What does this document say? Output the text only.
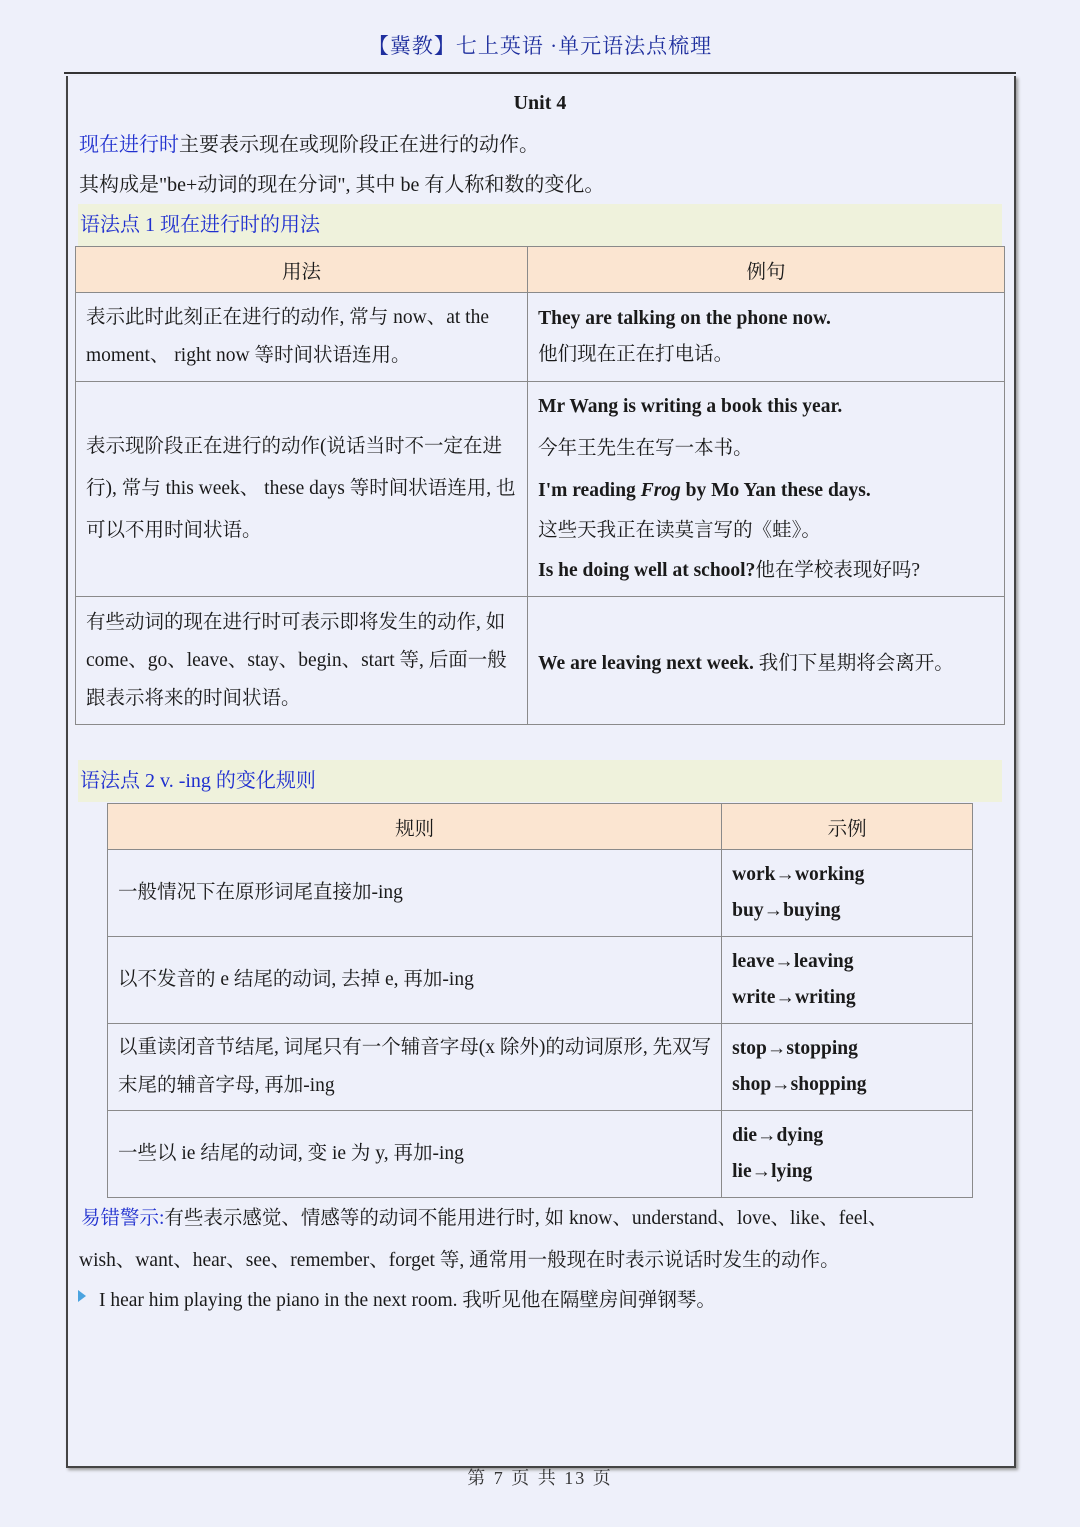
【冀教】七上英语 ·单元语法点梳理
Unit 4
现在进行时主要表示现在或现阶段正在进行的动作。
其构成是"be+动词的现在分词", 其中 be 有人称和数的变化。
语法点 1 现在进行时的用法
用法	例句
表示此时此刻正在进行的动作, 常与 now、at the moment、 right now 等时间状语连用。	They are talking on the phone now.
他们现在正在打电话。

表示现阶段正在进行的动作(说话当时不一定在进行), 常与 this week、 these days 等时间状语连用, 也可以不用时间状语。	Mr Wang is writing a book this year.
今年王先生在写一本书。
I'm reading Frog by Mo Yan these days.
这些天我正在读莫言写的《蛙》。
Is he doing well at school?他在学校表现好吗?

有些动词的现在进行时可表示即将发生的动作, 如 come、go、leave、stay、begin、start 等, 后面一般跟表示将来的时间状语。	We are leaving next week. 我们下星期将会离开。
语法点 2 v. -ing 的变化规则
规则	示例
一般情况下在原形词尾直接加-ing	work→working
buy→buying

以不发音的 e 结尾的动词, 去掉 e, 再加-ing	leave→leaving
write→writing

以重读闭音节结尾, 词尾只有一个辅音字母(x 除外)的动词原形, 先双写末尾的辅音字母, 再加-ing	stop→stopping
shop→shopping

一些以 ie 结尾的动词, 变 ie 为 y, 再加-ing	die→dying
lie→lying
易错警示:有些表示感觉、情感等的动词不能用进行时, 如 know、understand、love、like、feel、
wish、want、hear、see、remember、forget 等, 通常用一般现在时表示说话时发生的动作。
I hear him playing the piano in the next room. 我听见他在隔壁房间弹钢琴。
第 7 页 共 13 页
